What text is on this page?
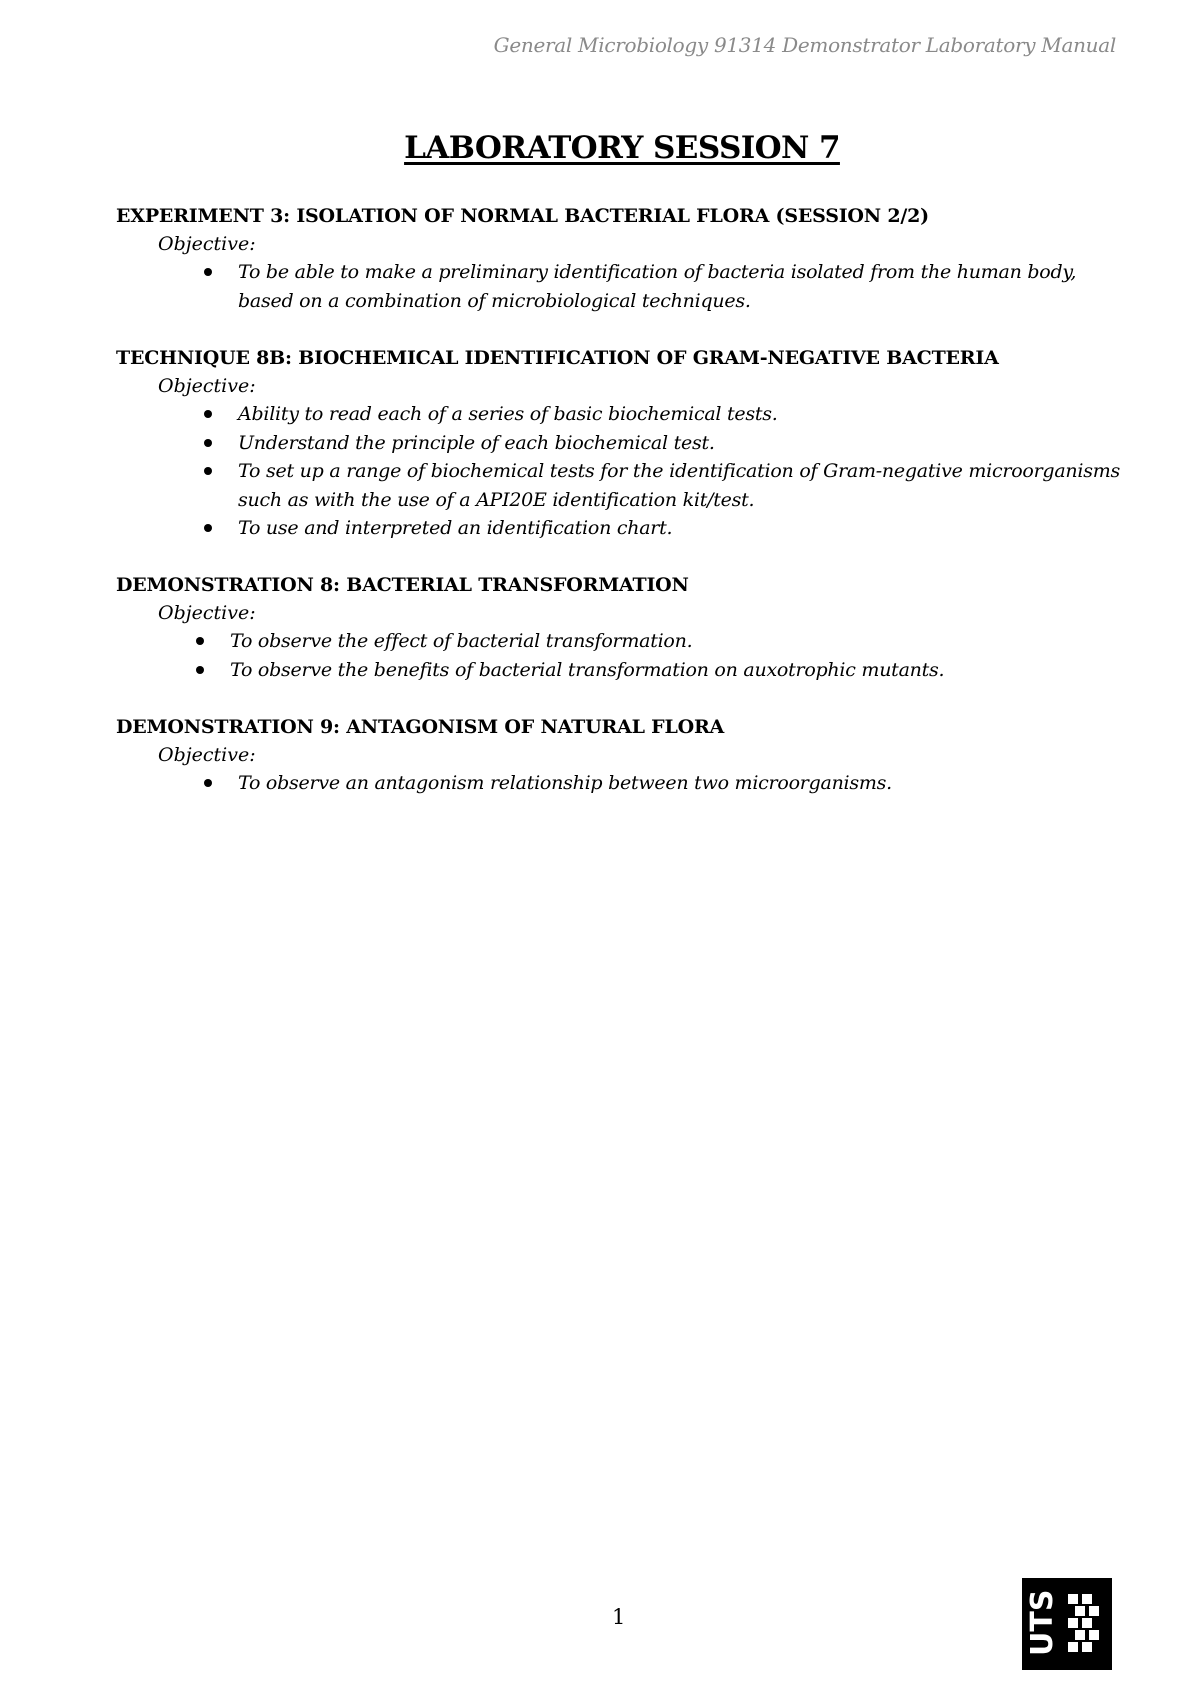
General Microbiology 91314 Demonstrator Laboratory Manual
LABORATORY SESSION 7
EXPERIMENT 3: ISOLATION OF NORMAL BACTERIAL FLORA (SESSION 2/2)
Objective:
To be able to make a preliminary identification of bacteria isolated from the human body, based on a combination of microbiological techniques.
TECHNIQUE 8B: BIOCHEMICAL IDENTIFICATION OF GRAM-NEGATIVE BACTERIA
Objective:
Ability to read each of a series of basic biochemical tests.
Understand the principle of each biochemical test.
To set up a range of biochemical tests for the identification of Gram-negative microorganisms such as with the use of a API20E identification kit/test.
To use and interpreted an identification chart.
DEMONSTRATION 8: BACTERIAL TRANSFORMATION
Objective:
To observe the effect of bacterial transformation.
To observe the benefits of bacterial transformation on auxotrophic mutants.
DEMONSTRATION 9: ANTAGONISM OF NATURAL FLORA
Objective:
To observe an antagonism relationship between two microorganisms.
1	UTS
